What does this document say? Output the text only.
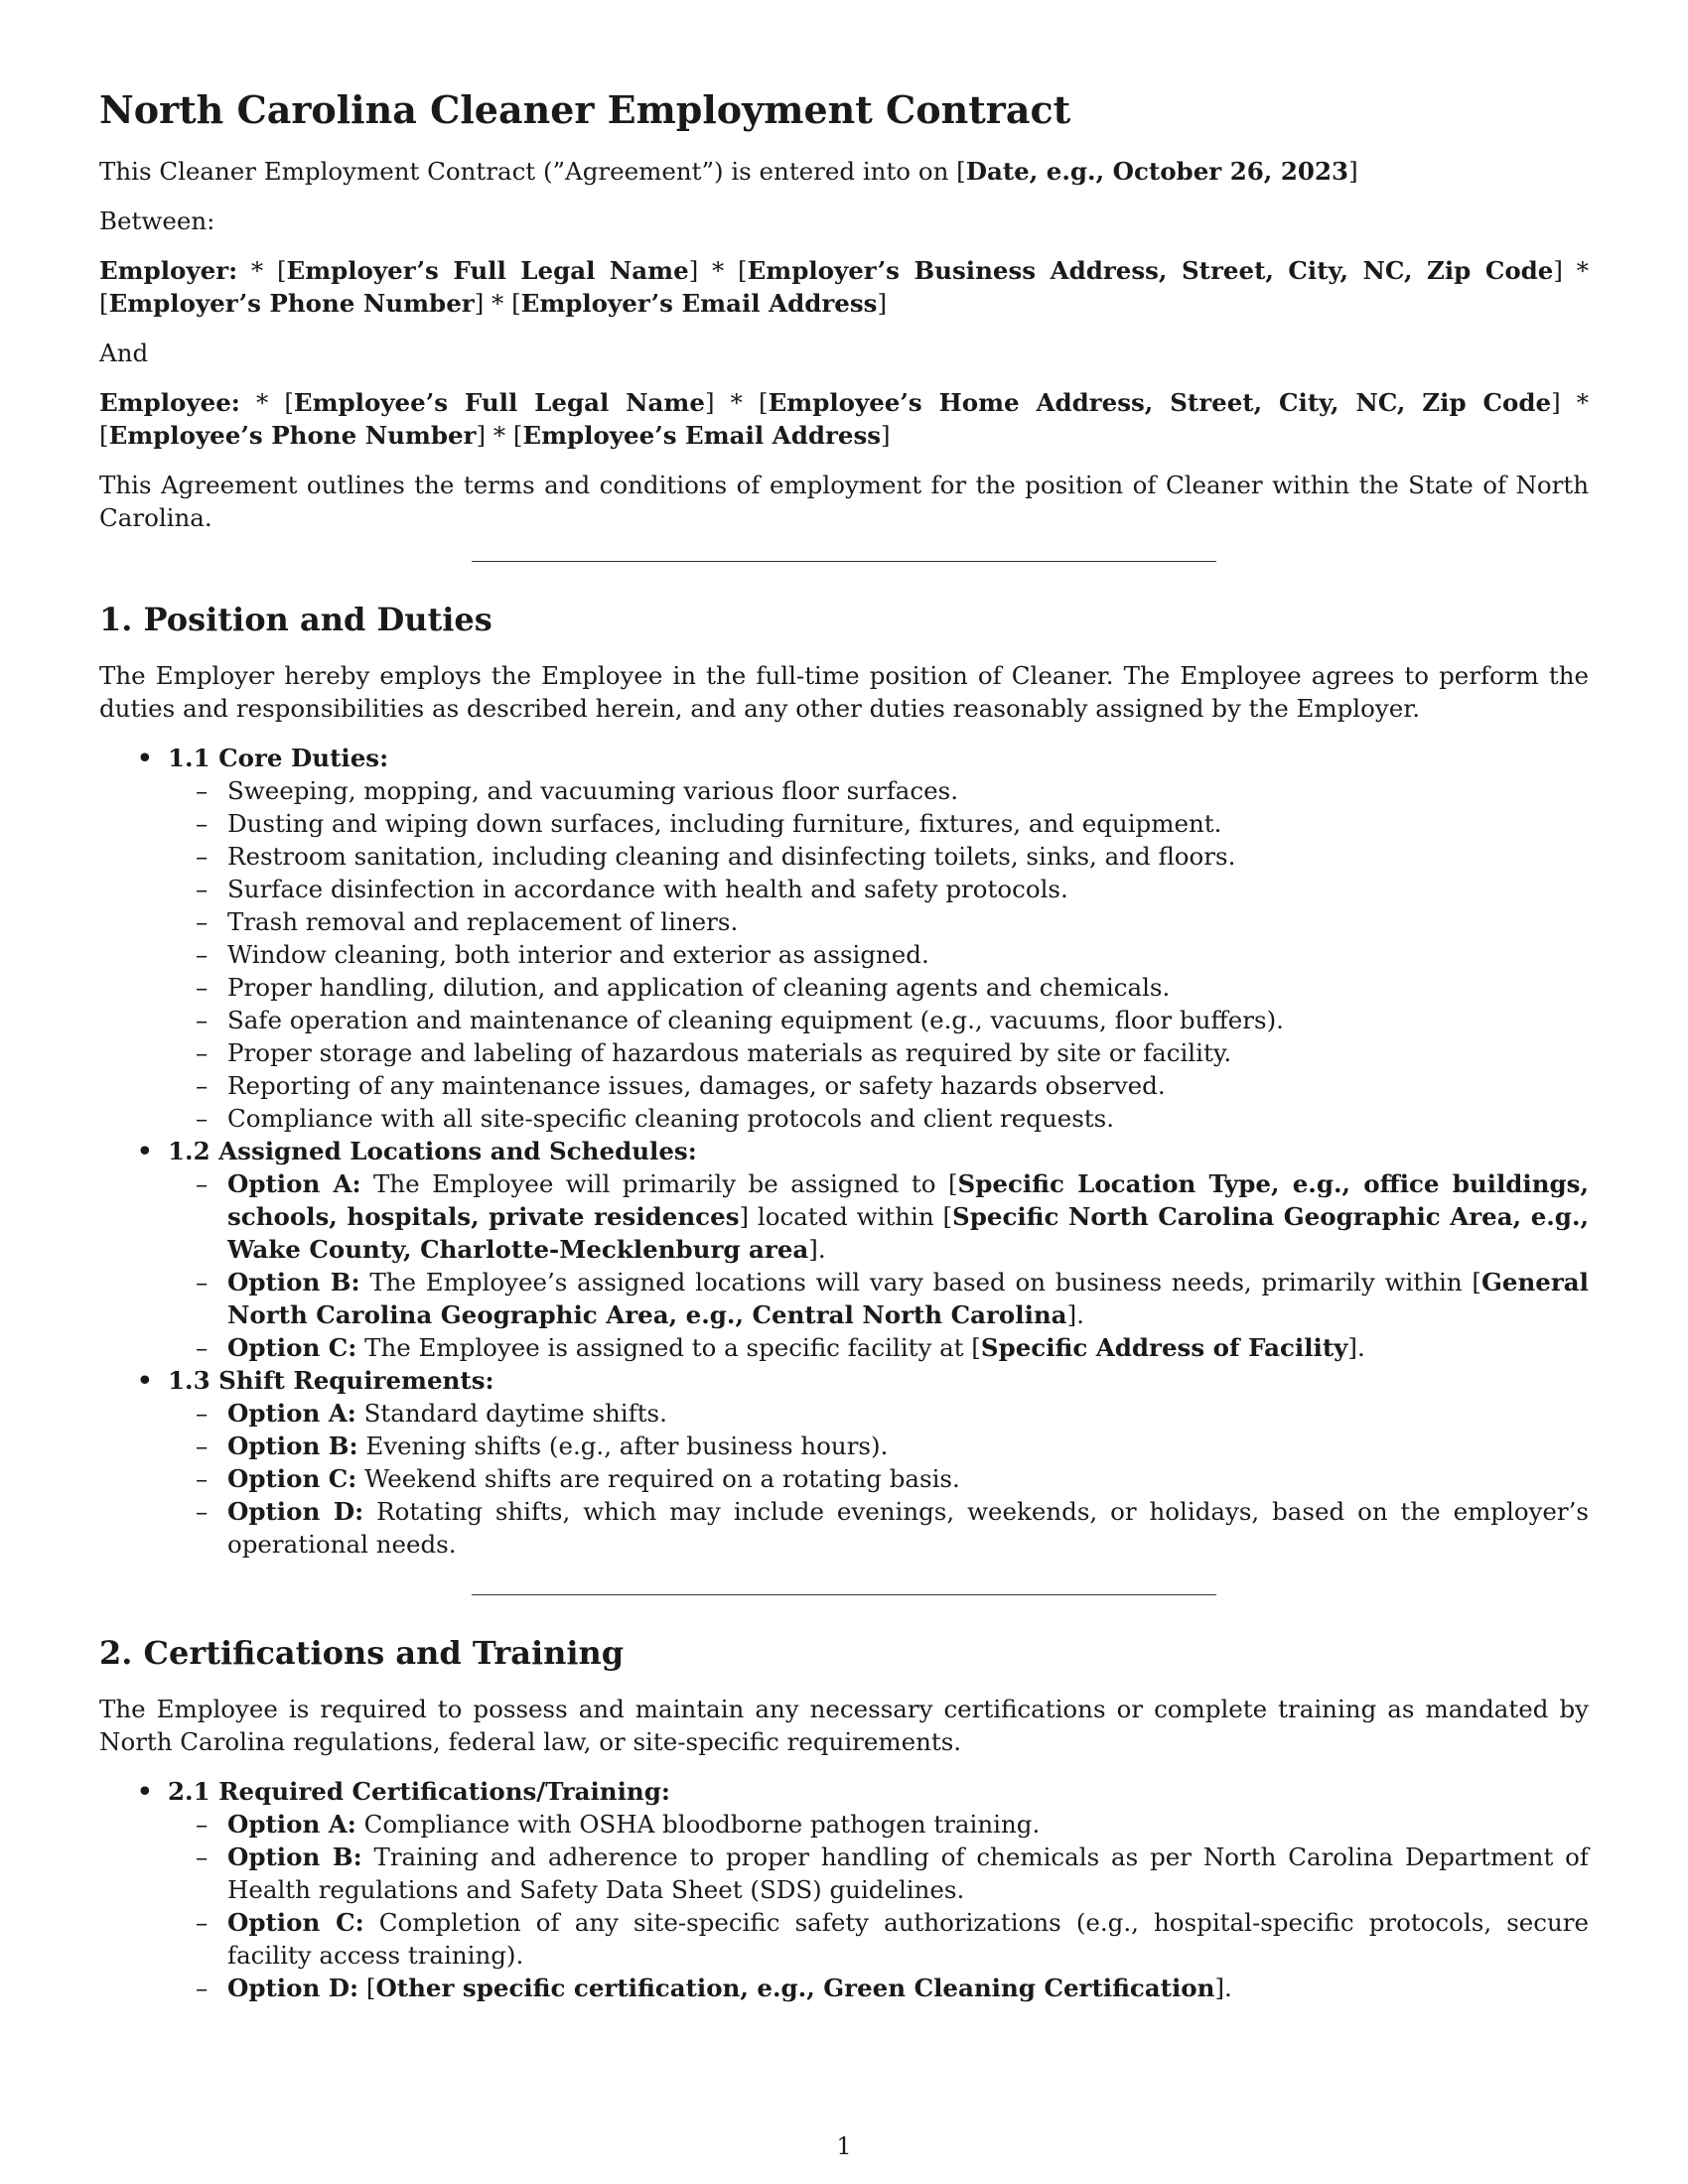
North Carolina Cleaner Employment Contract

This Cleaner Employment Contract (”Agreement”) is entered into on [Date, e.g., October 26, 2023]

Between:

Employer: * [Employer’s Full Legal Name] * [Employer’s Business Address, Street, City, NC, Zip Code] * [Employer’s Phone Number] * [Employer’s Email Address]

And

Employee: * [Employee’s Full Legal Name] * [Employee’s Home Address, Street, City, NC, Zip Code] * [Employee’s Phone Number] * [Employee’s Email Address]

This Agreement outlines the terms and conditions of employment for the position of Cleaner within the State of North Carolina.

1. Position and Duties

The Employer hereby employs the Employee in the full-time position of Cleaner. The Employee agrees to perform the duties and responsibilities as described herein, and any other duties reasonably assigned by the Employer.

• 1.1 Core Duties:
– Sweeping, mopping, and vacuuming various floor surfaces.
– Dusting and wiping down surfaces, including furniture, fixtures, and equipment.
– Restroom sanitation, including cleaning and disinfecting toilets, sinks, and floors.
– Surface disinfection in accordance with health and safety protocols.
– Trash removal and replacement of liners.
– Window cleaning, both interior and exterior as assigned.
– Proper handling, dilution, and application of cleaning agents and chemicals.
– Safe operation and maintenance of cleaning equipment (e.g., vacuums, floor buffers).
– Proper storage and labeling of hazardous materials as required by site or facility.
– Reporting of any maintenance issues, damages, or safety hazards observed.
– Compliance with all site-specific cleaning protocols and client requests.
• 1.2 Assigned Locations and Schedules:
– Option A: The Employee will primarily be assigned to [Specific Location Type, e.g., office buildings, schools, hospitals, private residences] located within [Specific North Carolina Geographic Area, e.g., Wake County, Charlotte-Mecklenburg area].
– Option B: The Employee’s assigned locations will vary based on business needs, primarily within [General North Carolina Geographic Area, e.g., Central North Carolina].
– Option C: The Employee is assigned to a specific facility at [Specific Address of Facility].
• 1.3 Shift Requirements:
– Option A: Standard daytime shifts.
– Option B: Evening shifts (e.g., after business hours).
– Option C: Weekend shifts are required on a rotating basis.
– Option D: Rotating shifts, which may include evenings, weekends, or holidays, based on the employer’s operational needs.
2. Certifications and Training

The Employee is required to possess and maintain any necessary certifications or complete training as mandated by North Carolina regulations, federal law, or site-specific requirements.

• 2.1 Required Certifications/Training:
– Option A: Compliance with OSHA bloodborne pathogen training.
– Option B: Training and adherence to proper handling of chemicals as per North Carolina Department of Health regulations and Safety Data Sheet (SDS) guidelines.
– Option C: Completion of any site-specific safety authorizations (e.g., hospital-specific protocols, secure facility access training).
– Option D: [Other specific certification, e.g., Green Cleaning Certification].
1
